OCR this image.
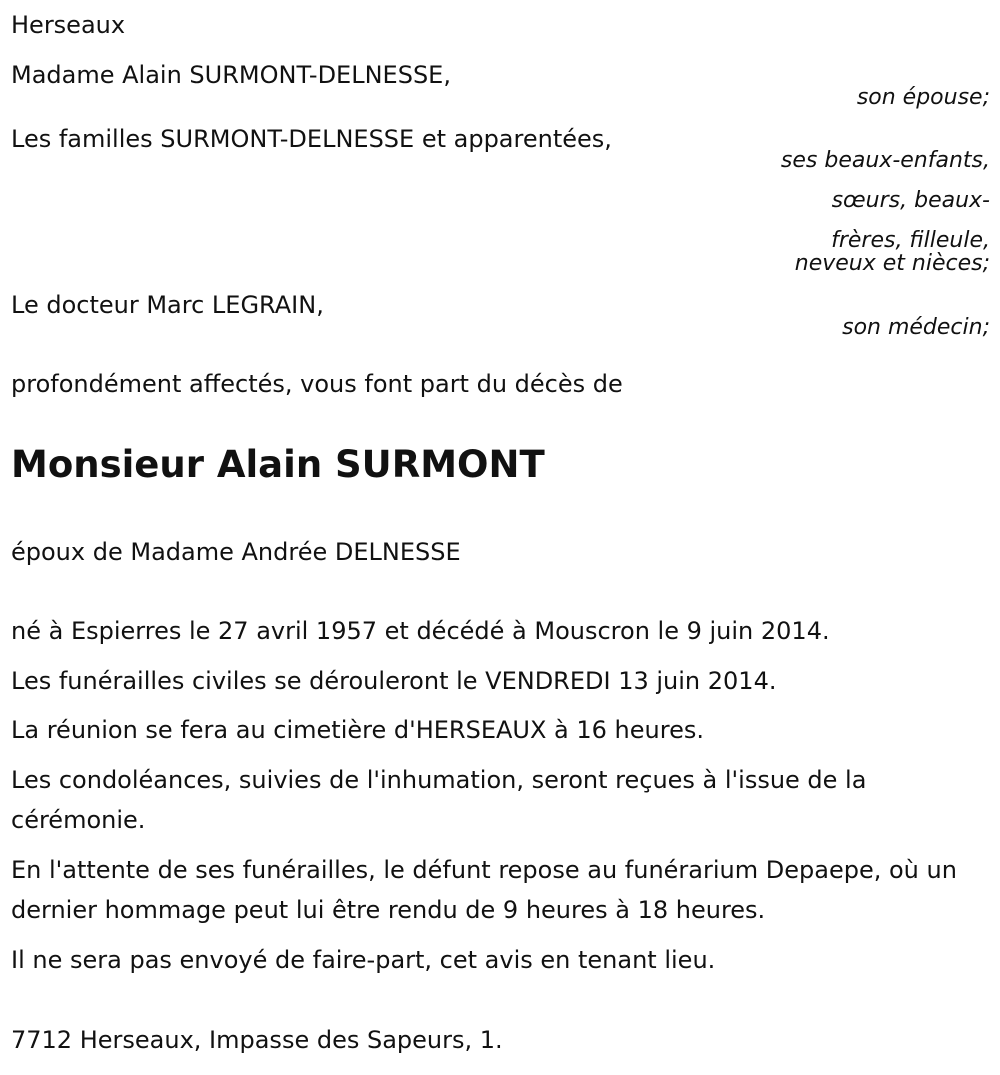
Herseaux
Madame Alain SURMONT-DELNESSE,
son épouse;
Les familles SURMONT-DELNESSE et apparentées,
ses beaux-enfants,
sœurs, beaux-
frères, filleule,
neveux et nièces;
Le docteur Marc LEGRAIN,
son médecin;
profondément affectés, vous font part du décès de
Monsieur Alain SURMONT
époux de Madame Andrée DELNESSE
né à Espierres le 27 avril 1957 et décédé à Mouscron le 9 juin 2014.
Les funérailles civiles se dérouleront le VENDREDI 13 juin 2014.
La réunion se fera au cimetière d'HERSEAUX à 16 heures.
Les condoléances, suivies de l'inhumation, seront reçues à l'issue de la cérémonie.
En l'attente de ses funérailles, le défunt repose au funérarium Depaepe, où un dernier hommage peut lui être rendu de 9 heures à 18 heures.
Il ne sera pas envoyé de faire-part, cet avis en tenant lieu.
7712 Herseaux, Impasse des Sapeurs, 1.
